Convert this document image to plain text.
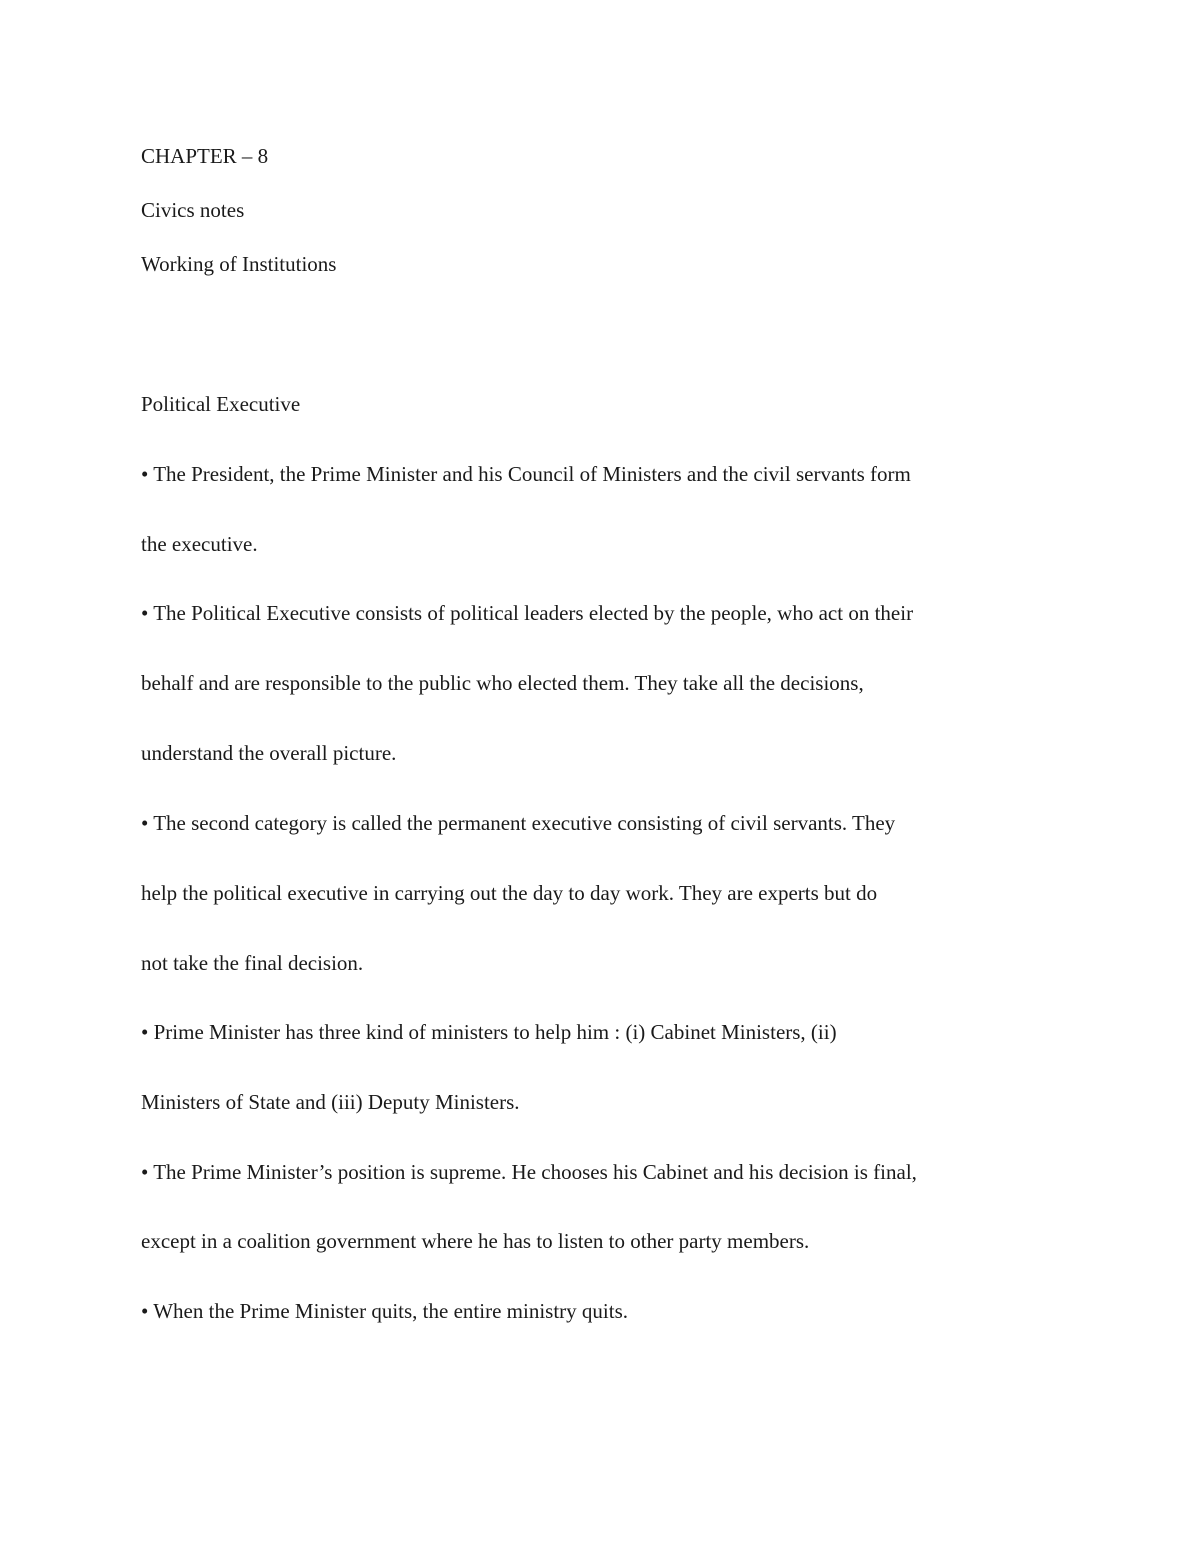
CHAPTER – 8

Civics notes

Working of Institutions

Political Executive

• The President, the Prime Minister and his Council of Ministers and the civil servants form

the executive.

• The Political Executive consists of political leaders elected by the people, who act on their

behalf and are responsible to the public who elected them. They take all the decisions,

understand the overall picture.

• The second category is called the permanent executive consisting of civil servants. They

help the political executive in carrying out the day to day work. They are experts but do

not take the final decision.

• Prime Minister has three kind of ministers to help him : (i) Cabinet Ministers, (ii)

Ministers of State and (iii) Deputy Ministers.

• The Prime Minister’s position is supreme. He chooses his Cabinet and his decision is final,

except in a coalition government where he has to listen to other party members.

• When the Prime Minister quits, the entire ministry quits.
